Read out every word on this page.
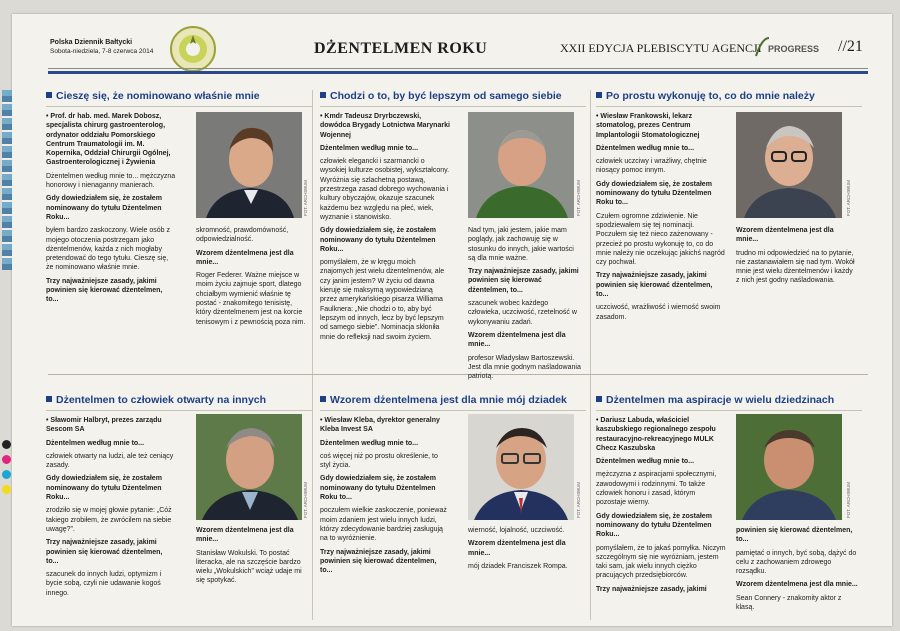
Polska Dziennik Bałtycki
Sobota-niedziela, 7-8 czerwca 2014	DŻENTELMEN ROKU	XXII EDYCJA PLEBISCYTU AGENCJI PROGRESS //21
Cieszę się, że nominowano właśnie mnie

• Prof. dr hab. med. Marek Dobosz, specjalista chirurg gastroenterolog, ordynator oddziału Pomorskiego Centrum Traumatologii im. M. Kopernika, Oddział Chirurgii Ogólnej, Gastroenterologicznej i Żywienia

Dżentelmen według mnie to... mężczyzna honorowy i nienaganny manierach.

Gdy dowiedziałem się, że zostałem nominowany do tytułu Dżentelmen Roku...

byłem bardzo zaskoczony. Wiele osób z mojego otoczenia postrzegam jako dżentelmenów, każda z nich mogłaby pretendować do tego tytułu. Cieszę się, że nominowano właśnie mnie.

Trzy najważniejsze zasady, jakimi powinien się kierować dżentelmen, to...

FOT. ARCHIWUM

skromność, prawdomówność, odpowiedzialność.

Wzorem dżentelmena jest dla mnie...

Roger Federer. Ważne miejsce w moim życiu zajmuje sport, dlatego chciałbym wymienić właśnie tę postać - znakomitego tenisistę, który dżentelmenem jest na korcie tenisowym i z pewnością poza nim.

Chodzi o to, by być lepszym od samego siebie

• Kmdr Tadeusz Dryrbczewski, dowódca Brygady Lotnictwa Marynarki Wojennej

Dżentelmen według mnie to...

człowiek elegancki i szarmancki o wysokiej kulturze osobistej, wykształcony. Wyróżnia się szlachetną postawą, przestrzega zasad dobrego wychowania i kultury obyczajów, okazuje szacunek każdemu bez względu na płeć, wiek, wyznanie i stanowisko.

Gdy dowiedziałem się, że zostałem nominowany do tytułu Dżentelmen Roku...

pomyślałem, że w kręgu moich znajomych jest wielu dżentelmenów, ale czy janim jestem? W życiu od dawna kieruję się maksymą wypowiedzianą przez amerykańskiego pisarza Williama Faulknera: „Nie chodzi o to, aby być lepszym od innych, lecz by być lepszym od samego siebie”. Nominacja skłoniła mnie do refleksji nad swoim życiem.

FOT. ARCHIWUM

Nad tym, jaki jestem, jakie mam poglądy, jak zachowuję się w stosunku do innych, jakie wartości są dla mnie ważne.

Trzy najważniejsze zasady, jakimi powinien się kierować dżentelmen, to...

szacunek wobec każdego człowieka, uczciwość, rzetelność w wykonywaniu zadań.

Wzorem dżentelmena jest dla mnie...

profesor Władysław Bartoszewski. Jest dla mnie godnym naśladowania patriotą.

Po prostu wykonuję to, co do mnie należy

• Wiesław Frankowski, lekarz stomatolog, prezes Centrum Implantologii Stomatologicznej

Dżentelmen według mnie to...

człowiek uczciwy i wrażliwy, chętnie niosący pomoc innym.

Gdy dowiedziałem się, że zostałem nominowany do tytułu Dżentelmen Roku to...

Czułem ogromne zdziwienie. Nie spodziewałem się tej nominacji. Poczułem się też nieco zażenowany - przecież po prostu wykonuję to, co do mnie należy nie oczekując jakichś nagród czy pochwał.

Trzy najważniejsze zasady, jakimi powinien się kierować dżentelmen, to...

uczciwość, wrażliwość i wierność swoim zasadom.

FOT. ARCHIWUM

Wzorem dżentelmena jest dla mnie...

trudno mi odpowiedzieć na to pytanie, nie zastanawiałem się nad tym. Wokół mnie jest wielu dżentelmenów i każdy z nich jest godny naśladowania.

Dżentelmen to człowiek otwarty na innych

• Sławomir Halbryt, prezes zarządu Sescom SA

Dżentelmen według mnie to...

człowiek otwarty na ludzi, ale też ceniący zasady.

Gdy dowiedziałem się, że zostałem nominowany do tytułu Dżentelmen Roku...

zrodziło się w mojej głowie pytanie: „Cóż takiego zrobiłem, że zwrócilem na siebie uwagę?”.

Trzy najważniejsze zasady, jakimi powinien się kierować dżentelmen, to...

szacunek do innych ludzi, optymizm i bycie sobą, czyli nie udawanie kogoś innego.

FOT. ARCHIWUM

Wzorem dżentelmena jest dla mnie...

Stanisław Wokulski. To postać literacka, ale na szczęście bardzo wielu „Wokulskich” wciąż udaje mi się spotykać.

Wzorem dżentelmena jest dla mnie mój dziadek

• Wiesław Kleba, dyrektor generalny Kleba Invest SA

Dżentelmen według mnie to...

coś więcej niż po prostu określenie, to styl życia.

Gdy dowiedziałem się, że zostałem nominowany do tytułu Dżentelmen Roku to...

poczułem wielkie zaskoczenie, ponieważ moim zdaniem jest wielu innych ludzi, którzy zdecydowanie bardziej zasługują na to wyróżnienie.

Trzy najważniejsze zasady, jakimi powinien się kierować dżentelmen, to...

FOT. ARCHIWUM

wierność, lojalność, uczciwość.

Wzorem dżentelmena jest dla mnie...

mój dziadek Franciszek Rompa.

Dżentelmen ma aspiracje w wielu dziedzinach

• Dariusz Labuda, właściciel kaszubskiego regionalnego zespołu restauracyjno-rekreacyjnego MULK Checz Kaszubska

Dżentelmen według mnie to...

mężczyzna z aspiracjami społecznymi, zawodowymi i rodzinnymi. To także człowiek honoru i zasad, którym pozostaje wierny.

Gdy dowiedziałem się, że zostałem nominowany do tytułu Dżentelmen Roku...

pomyślałem, że to jakaś pomyłka. Niczym szczególnym się nie wyróżniam, jestem taki sam, jak wielu innych ciężko pracujących przedsiębiorców.

Trzy najważniejsze zasady, jakimi

FOT. ARCHIWUM

powinien się kierować dżentelmen, to...

pamiętać o innych, być sobą, dążyć do celu z zachowaniem zdrowego rozsądku.

Wzorem dżentelmena jest dla mnie...

Sean Connery - znakomity aktor z klasą.
